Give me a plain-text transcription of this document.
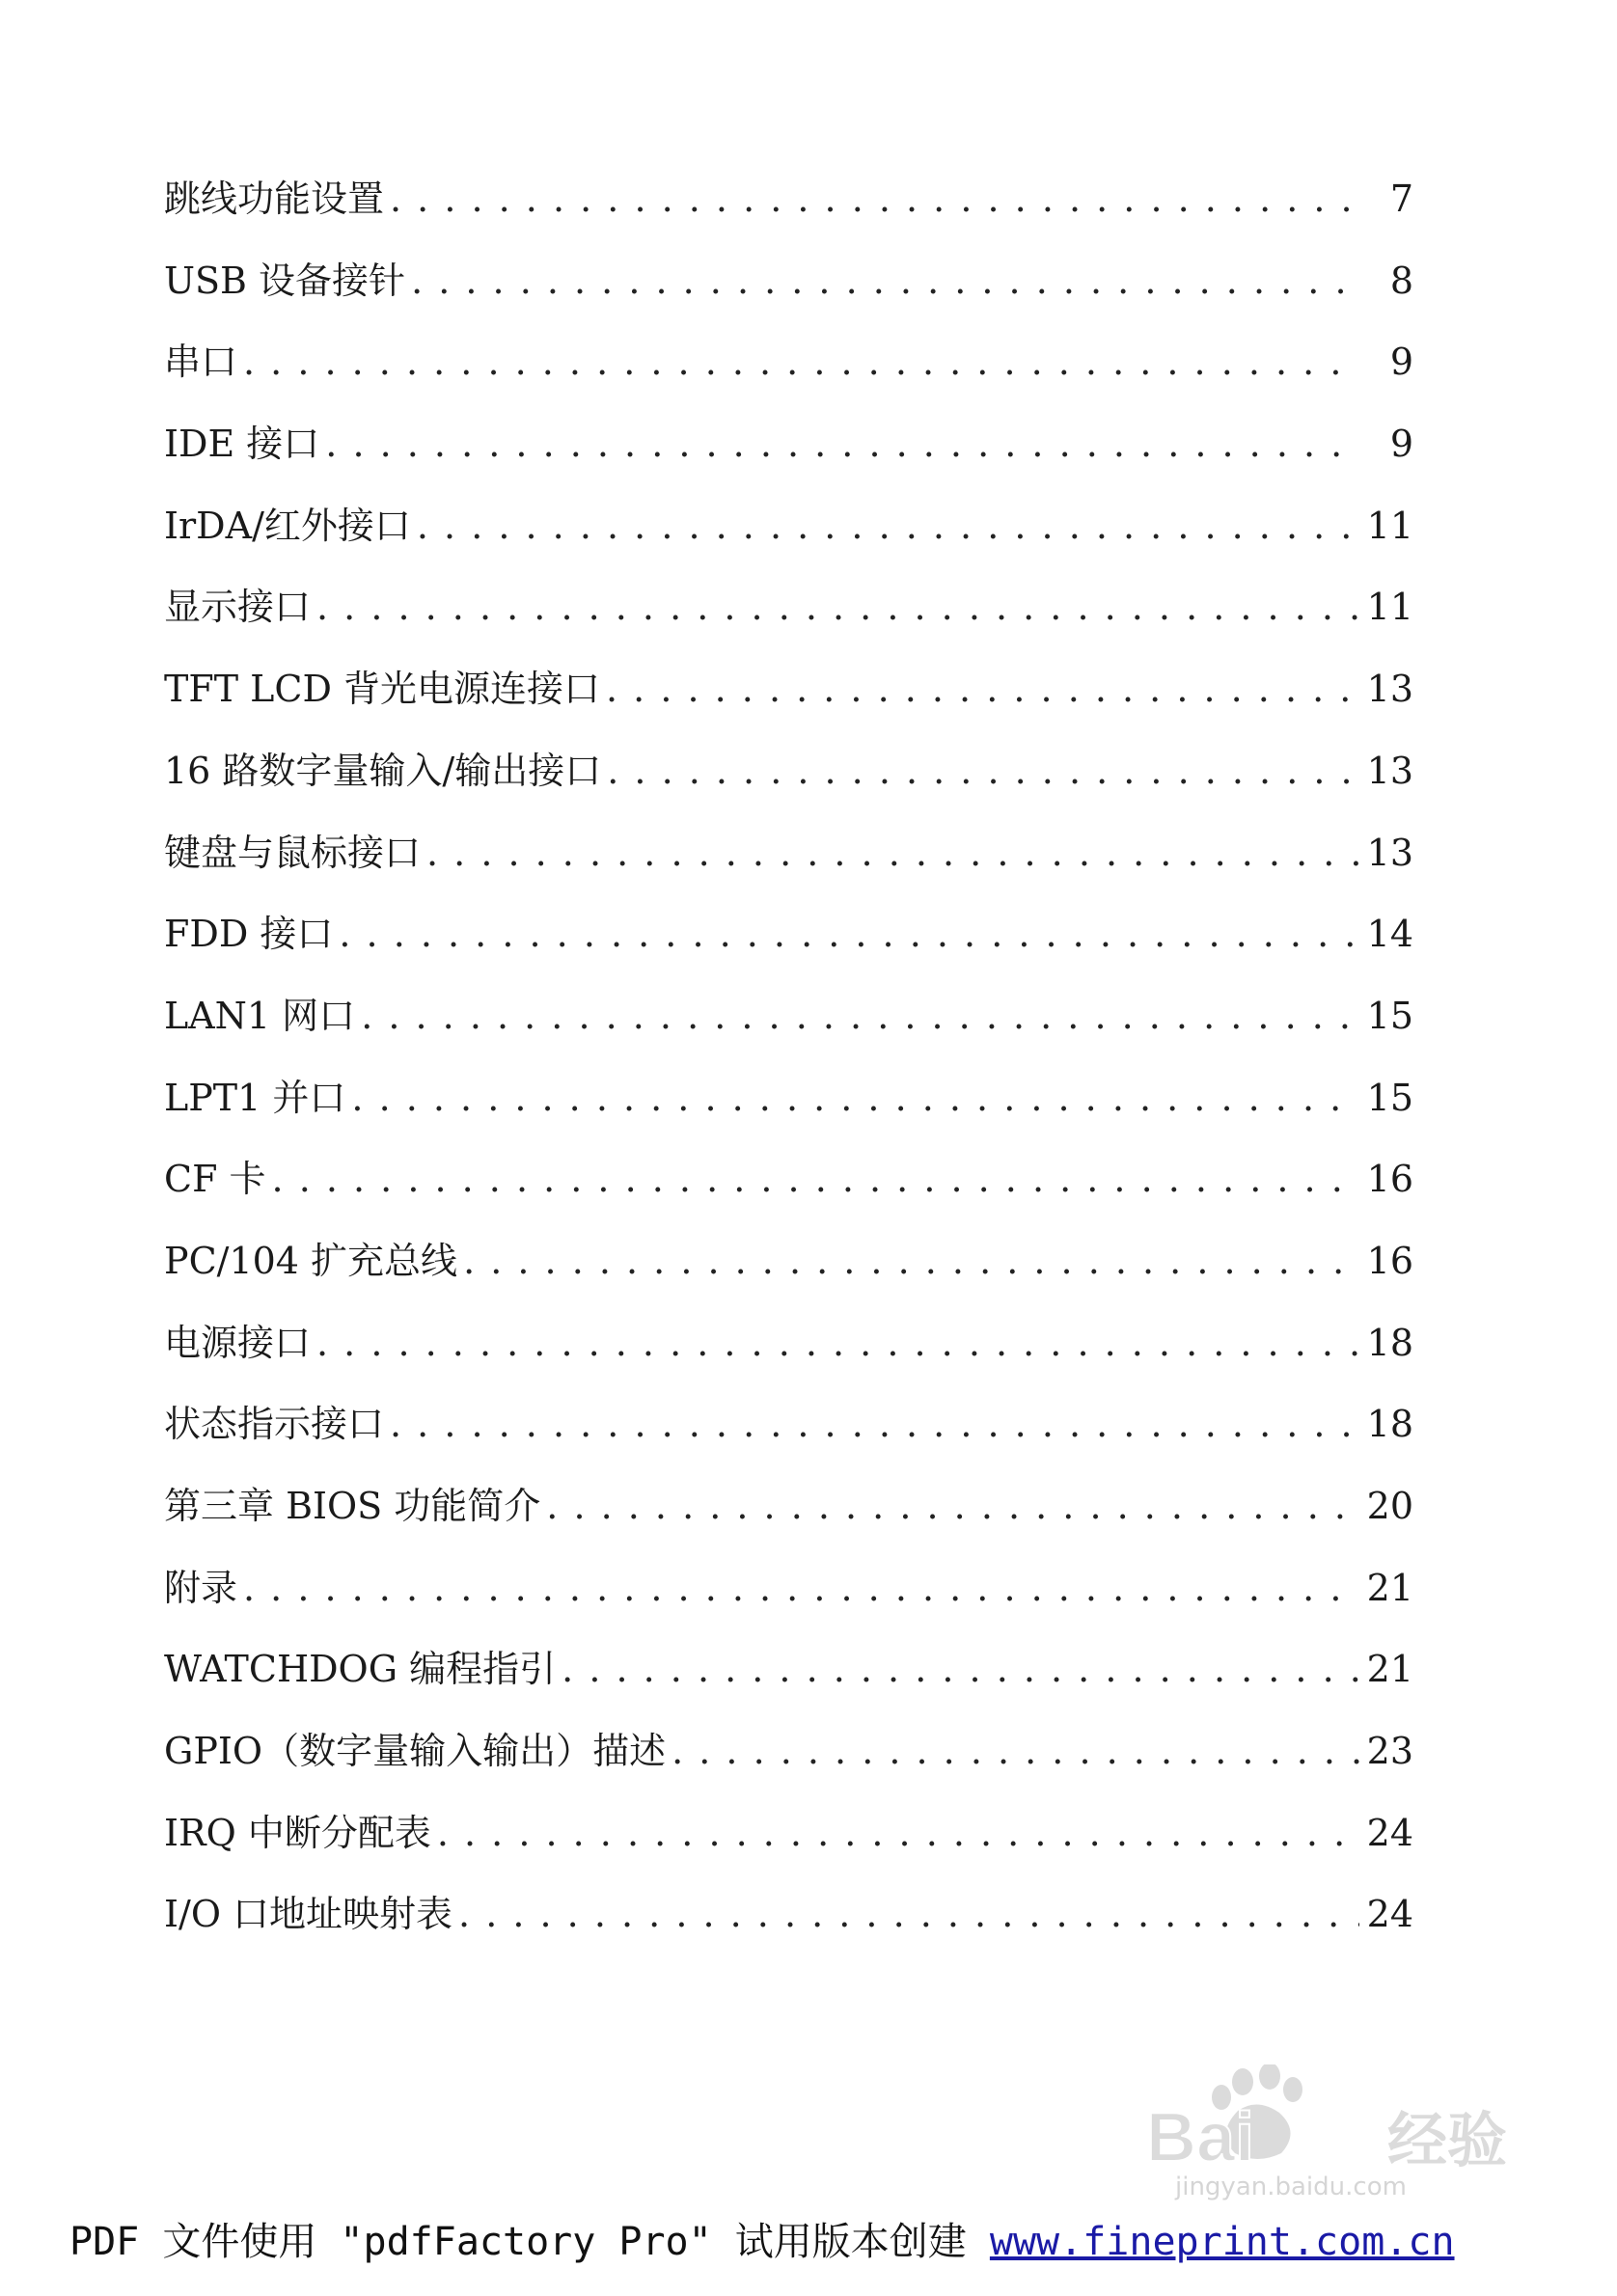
跳线功能设置 . . .	7
USB 设备接针 . . .	8
串口 . . .	9
IDE 接口 . . .	9
IrDA/红外接口 . . .	11
显示接口 . . .	11
TFT LCD 背光电源连接口 . . .	13
16 路数字量输入/输出接口 . . .	13
键盘与鼠标接口 . . .	13
FDD 接口 . . .	14
LAN1 网口 . . .	15
LPT1 并口 . . .	15
CF 卡 . . .	16
PC/104 扩充总线 . . .	16
电源接口 . . .	18
状态指示接口 . . .	18
第三章 BIOS 功能简介 . . .	20
附录 . . .	21
WATCHDOG 编程指引 . . .	21
GPIO（数字量输入输出）描述 . . .	23
IRQ 中断分配表 . . .	24
I/O 口地址映射表 . . .	24
Bai du 经验
jingyan.baidu.com
PDF 文件使用 "pdfFactory Pro" 试用版本创建 www.fineprint.com.cn
